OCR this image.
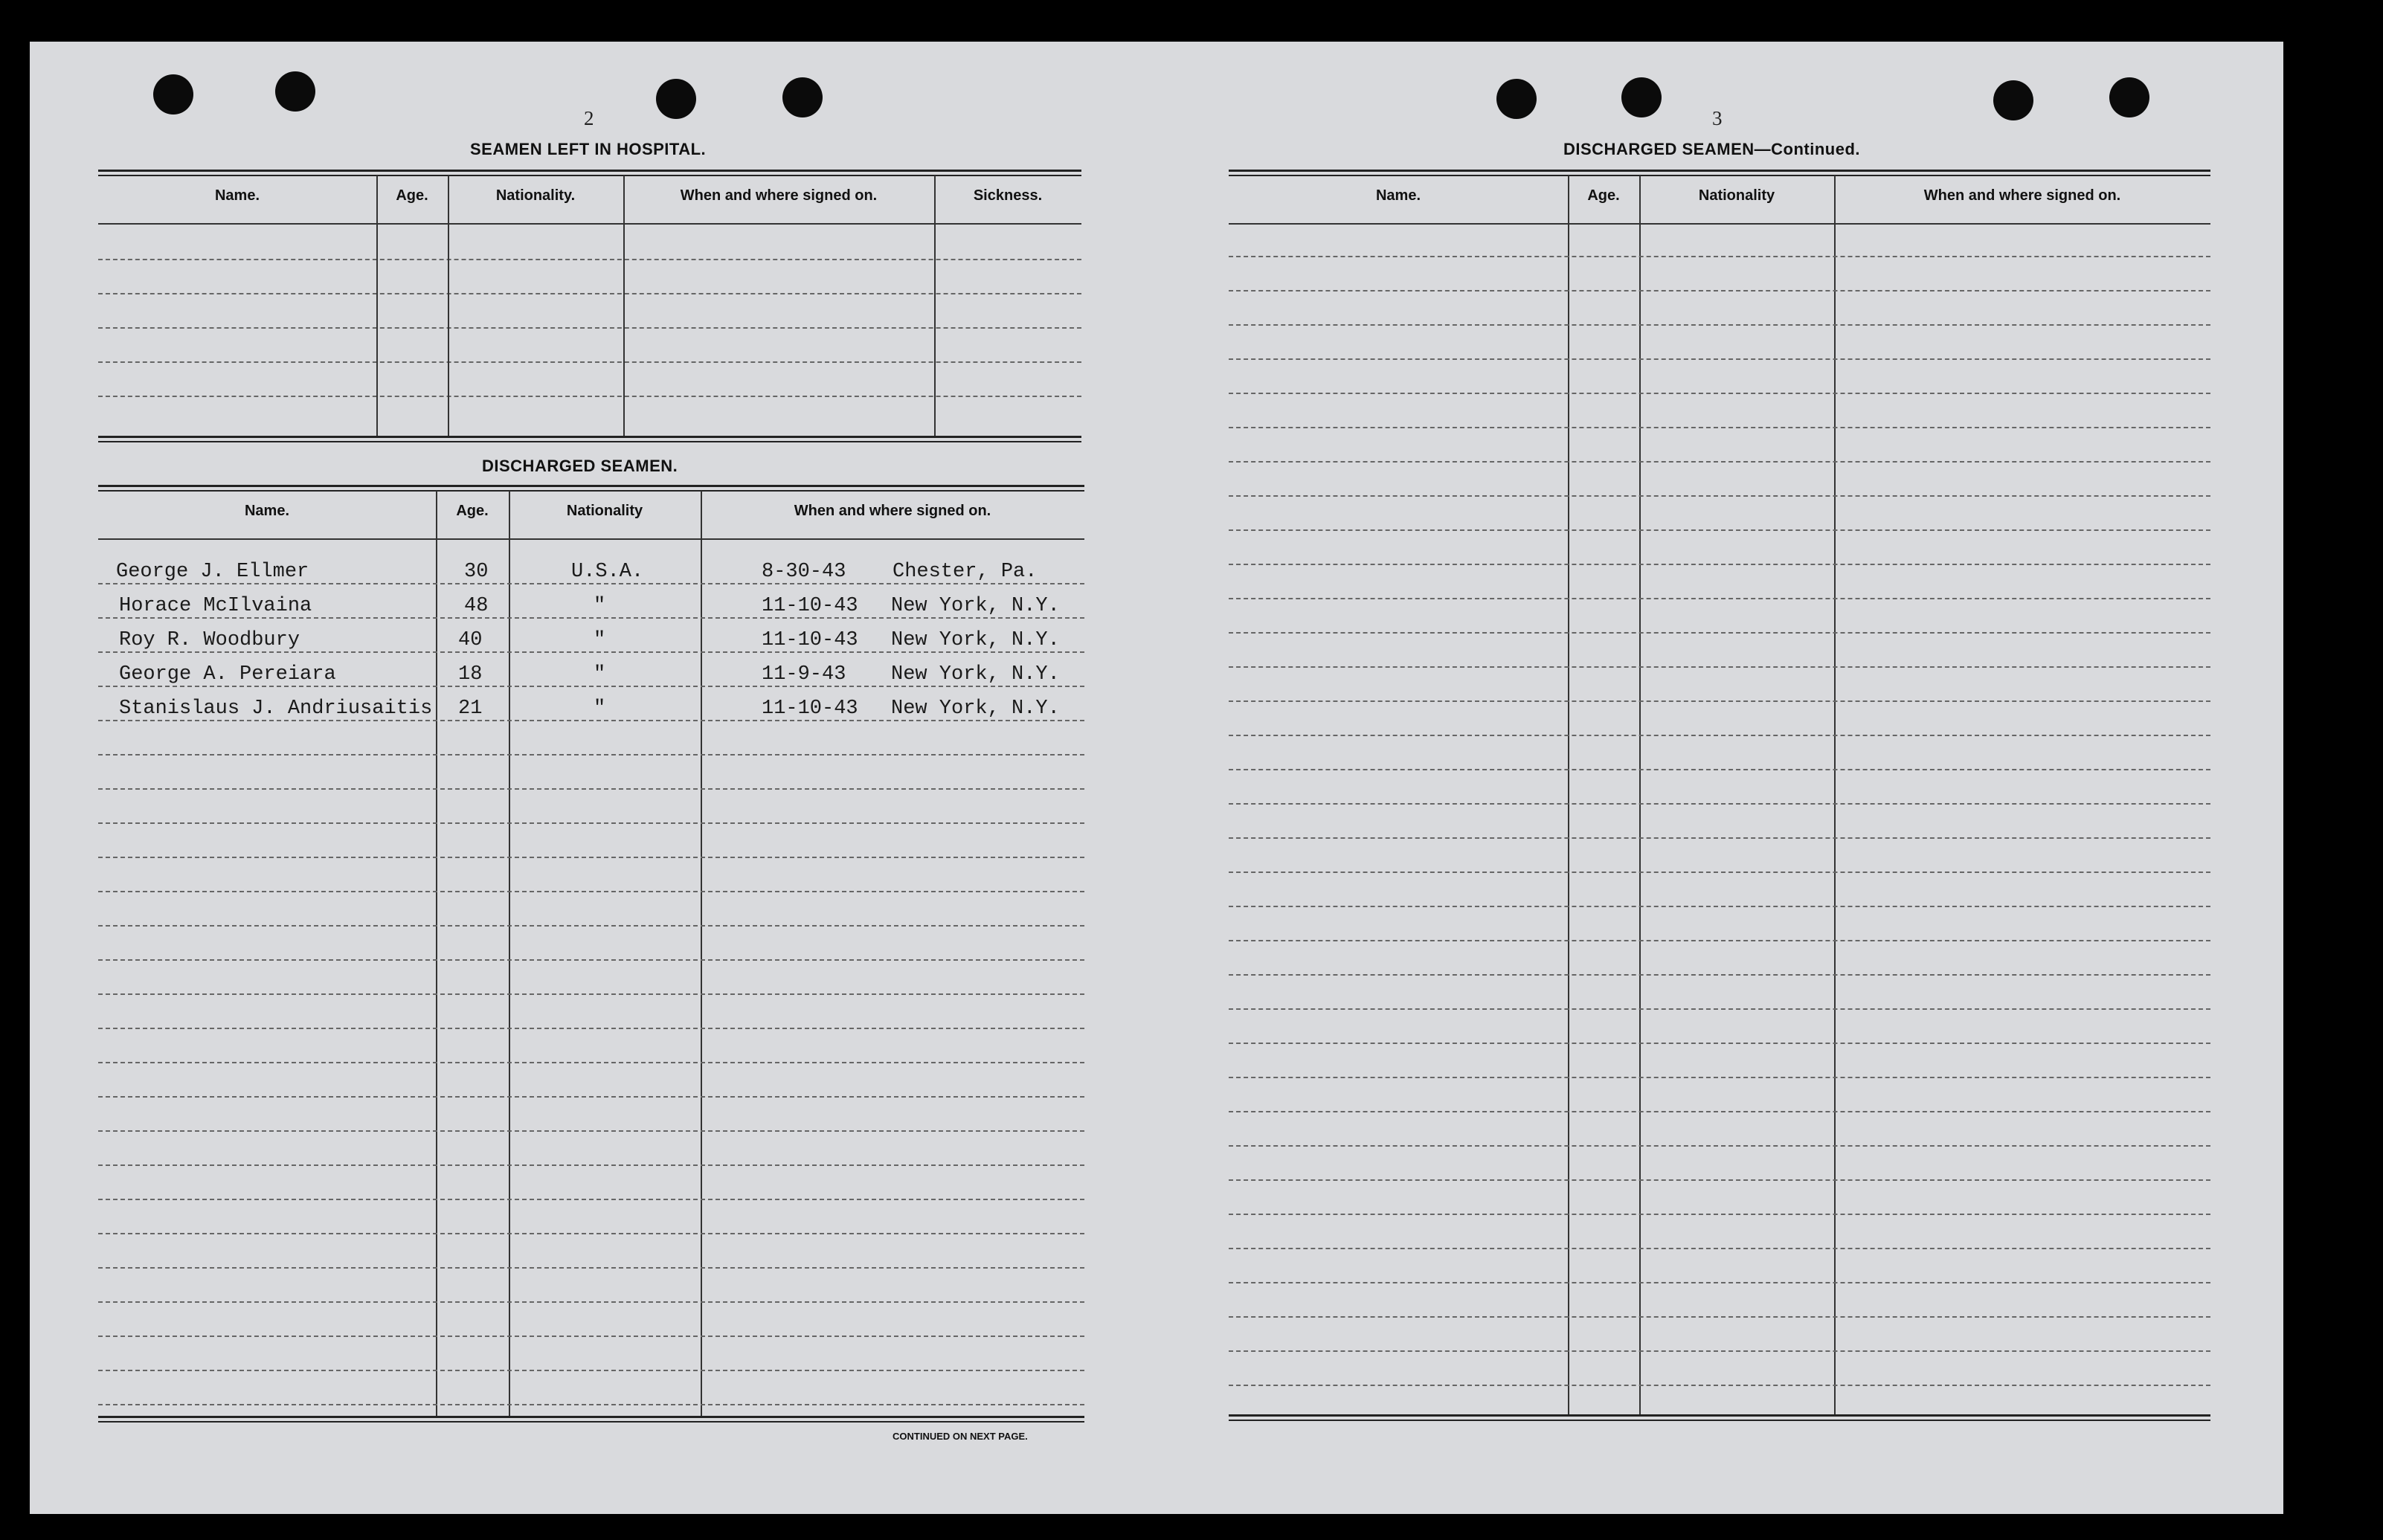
2
SEAMEN LEFT IN HOSPITAL.
Name.	Age.	Nationality.	When and where signed on.	Sickness.
DISCHARGED SEAMEN.
Name.	Age.	Nationality	When and where signed on.
George J. Ellmer	30	U.S.A.	8-30-43 Chester, Pa.
Horace McIlvaina	48	"	11-10-43 New York, N.Y.
Roy R. Woodbury	40	"	11-10-43 New York, N.Y.
George A. Pereiara	18	"	11-9-43 New York, N.Y.
Stanislaus J. Andriusaitis 21	"	11-10-43 New York, N.Y.
CONTINUED ON NEXT PAGE.
3
DISCHARGED SEAMEN—Continued.
Name.	Age.	Nationality	When and where signed on.
